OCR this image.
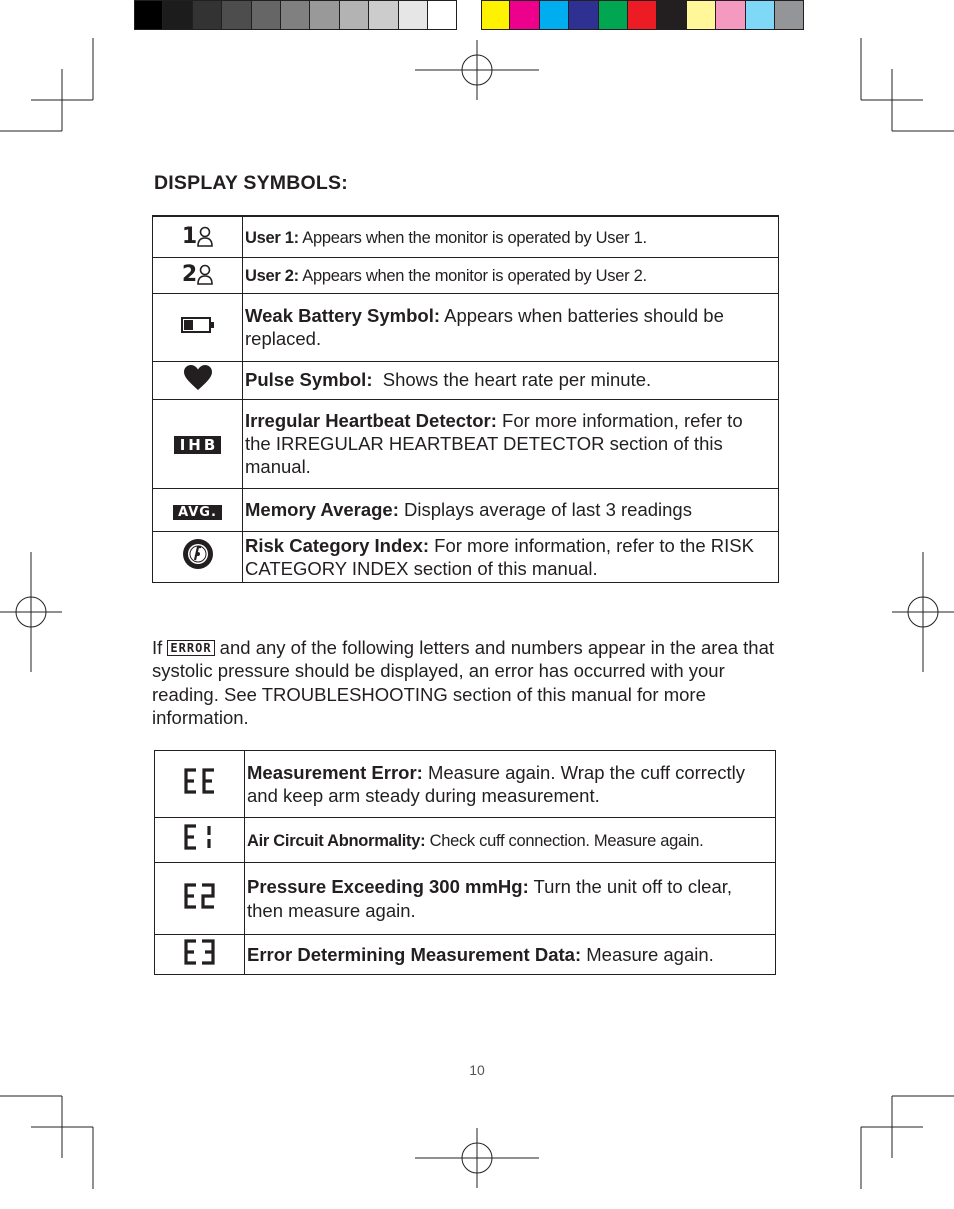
DISPLAY SYMBOLS:
1	User 1: Appears when the monitor is operated by User 1.

2	User 2: Appears when the monitor is operated by User 2.
	Weak Battery Symbol: Appears when batteries should be replaced.
	Pulse Symbol:  Shows the heart rate per minute.
IHB	Irregular Heartbeat Detector: For more information, refer to the IRREGULAR HEARTBEAT DETECTOR section of this manual.
AVG.	Memory Average: Displays average of last 3 readings
	Risk Category Index: For more information, refer to the RISK CATEGORY INDEX section of this manual.
If ERROR and any of the following letters and numbers appear in the area that systolic pressure should be displayed, an error has occurred with your reading. See TROUBLESHOOTING section of this manual for more information.
	Measurement Error: Measure again. Wrap the cuff correctly and keep arm steady during measurement.
	Air Circuit Abnormality: Check cuff connection. Measure again.
	Pressure Exceeding 300 mmHg: Turn the unit off to clear, then measure again.
	Error Determining Measurement Data: Measure again.
10
